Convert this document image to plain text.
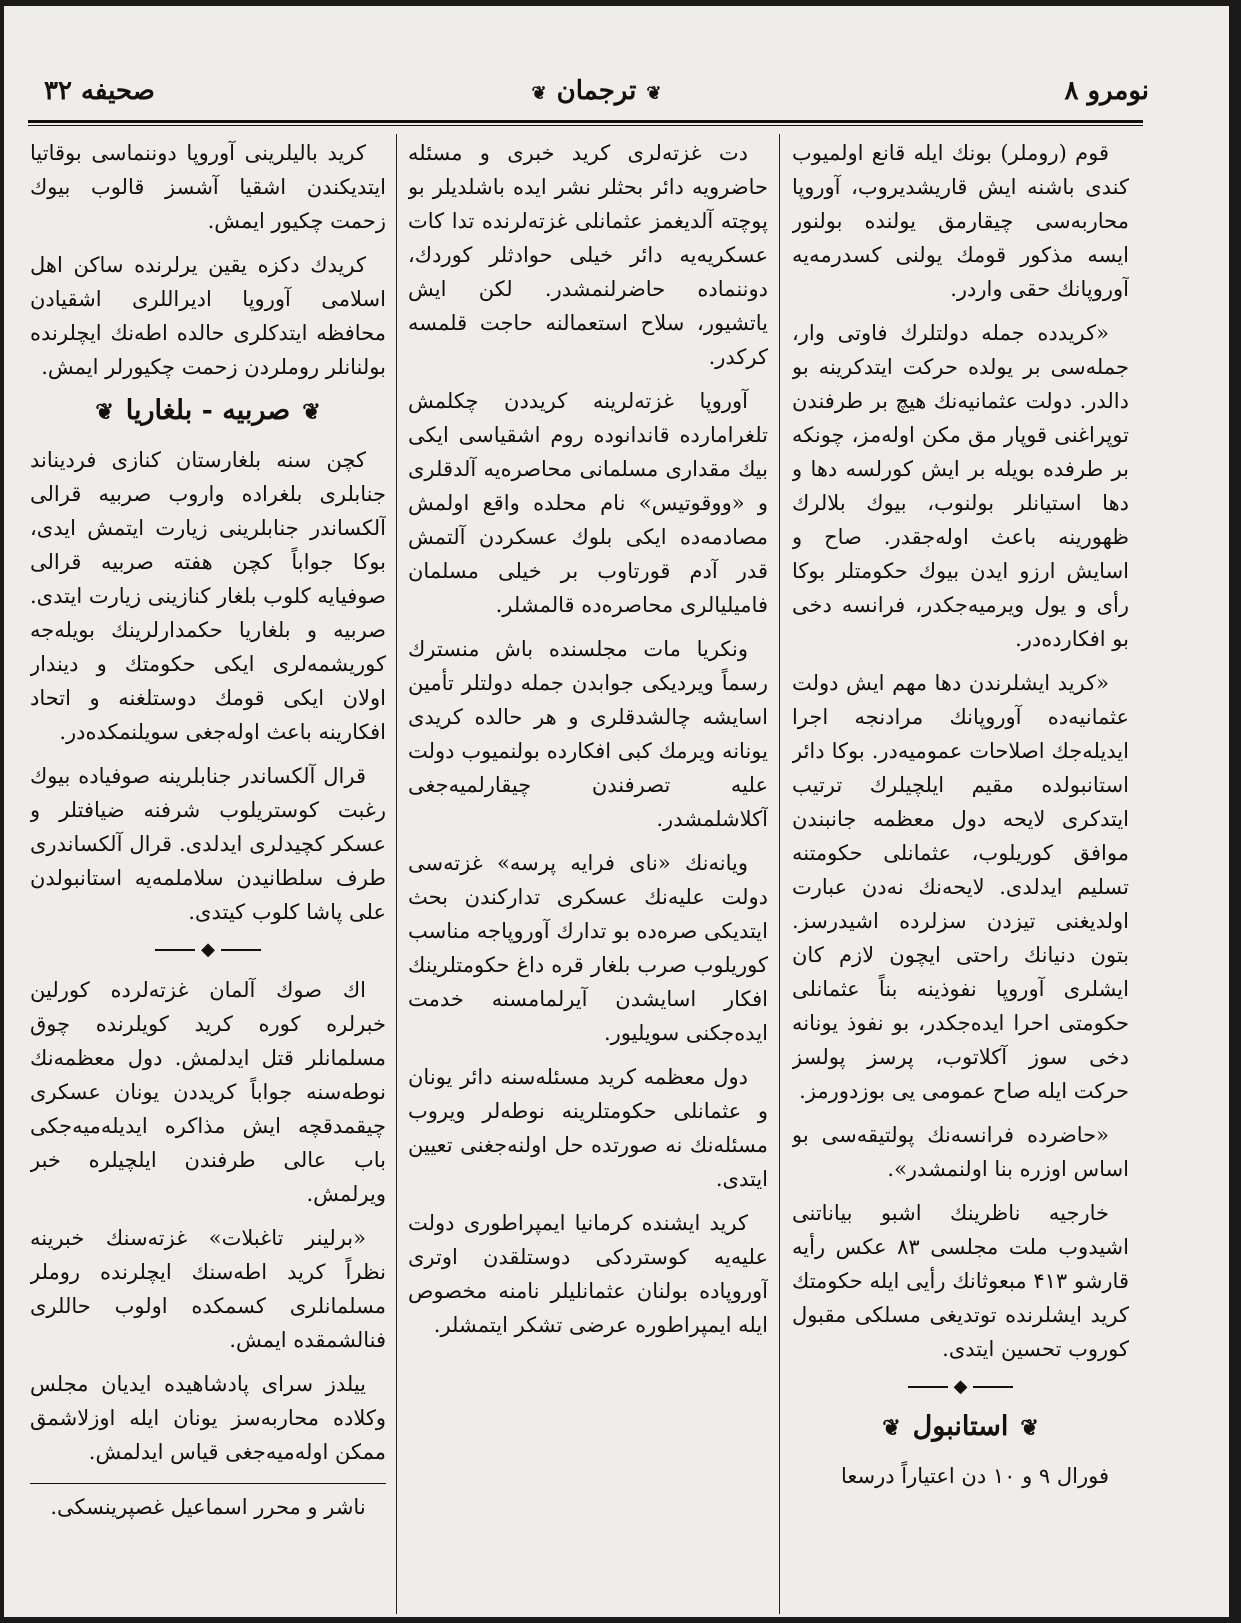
نومرو ۸
❦ترجمان❦
صحيفه ۳۲

قوم (روملر) بونك ايله قانع اولميوب كندى باشنه ايش قاريشديروب، آوروپا محاربه‌سى چيقارمق يولنده بولنور ايسه مذكور قومك يولنى كسدرمه‌يه آوروپانك حقى واردر.

«كريدده جمله دولتلرك فاوتى وار، جمله‌سى بر يولده حركت ايتدكرينه بو دالدر. دولت عثمانيه‌نك هيچ بر طرفندن توپراغنى قوپار مق مكن اوله‌مز، چونكه بر طرفده بويله بر ايش كورلسه دها و دها استيانلر بولنوب، بيوك بلالرك ظهورينه باعث اوله‌جقدر. صاح و اسايش ارزو ايدن بيوك حكومتلر بوكا رأى و يول ويرميه‌جكدر، فرانسه دخى بو افكارده‌در.

«كريد ايشلرندن دها مهم ايش دولت عثمانيه‌ده آوروپانك مرادنجه اجرا ايديله‌جك اصلاحات عموميه‌در. بوكا دائر استانبولده مقيم ايلچيلرك ترتيب ايتدكرى لايحه دول معظمه جانبندن موافق كوريلوب، عثمانلى حكومتنه تسليم ايدلدى. لايحه‌نك نه‌دن عبارت اولديغنى تيزدن سزلرده اشيدرسز. بتون دنيانك راحتى ايچون لازم كان ايشلرى آوروپا نفوذينه بناً عثمانلى حكومتى احرا ايده‌جكدر، بو نفوذ يونانه دخى سوز آكلاتوب، پرسز پولسز حركت ايله صاح عمومى يى بوزدورمز.

«حاضرده فرانسه‌نك پولتيقه‌سى بو اساس اوزره بنا اولنمشدر».

خارجيه ناظرينك اشبو بياناتنى اشيدوب ملت مجلسى ۸۳ عكس رأيه قارشو ۴۱۳ مبعوثانك رأيى ايله حكومتك كريد ايشلرنده توتديغى مسلكى مقبول كوروب تحسين ايتدى.

◆
❦استانبول❦

فورال ۹ و ۱۰ دن اعتياراً درسعا

دت غزته‌لرى كريد خبرى و مسئله حاضرويه دائر بحثلر نشر ايده باشلديلر بو پوچته آلديغمز عثمانلى غزته‌لرنده تدا كات عسكريه‌يه دائر خيلى حوادثلر كوردك، دوننماده حاضرلنمشدر. لكن ايش ياتشيور، سلاح استعمالنه حاجت قلمسه كركدر.

آوروپا غزته‌لرينه كريددن چكلمش تلغرامارده قاندانوده روم اشقياسى ايكى بيك مقدارى مسلمانى محاصره‌يه آلدقلرى و «ووقوتيس» نام محلده واقع اولمش مصادمه‌ده ايكى بلوك عسكردن آلتمش قدر آدم قورتاوب بر خيلى مسلمان فاميليالرى محاصره‌ده قالمشلر.

ونكريا مات مجلسنده باش منسترك رسماً ويرديكى جوابدن جمله دولتلر تأمين اسايشه چالشدقلرى و هر حالده كريدى يونانه ويرمك كبى افكارده بولنميوب دولت عليه تصرفندن چيقارلميه‌جغى آكلاشلمشدر.

ويانه‌نك «ناى فرايه پرسه» غزته‌سى دولت عليه‌نك عسكرى تداركندن بحث ايتديكى صره‌ده بو تدارك آوروپاجه مناسب كوريلوب صرب بلغار قره داغ حكومتلرينك افكار اسايشدن آيرلمامسنه خدمت ايده‌جكنى سويليور.

دول معظمه كريد مسئله‌سنه دائر يونان و عثمانلى حكومتلرينه نوطه‌لر ويروب مسئله‌نك نه صورتده حل اولنه‌جغنى تعيين ايتدى.

كريد ايشنده كرمانيا ايمپراطورى دولت عليه‌يه كوستردكى دوستلقدن اوترى آوروپاده بولنان عثمانليلر نامنه مخصوص ايله ايمپراطوره عرضى تشكر ايتمشلر.

كريد باليلرينى آوروپا دوننماسى بوقاتيا ايتديكندن اشقيا آشسز قالوب بيوك زحمت چكيور ايمش.

كريدك دكزه يقين يرلرنده ساكن اهل اسلامى آوروپا اديراللرى اشقيادن محافظه ايتدكلرى حالده اطه‌نك ايچلرنده بولنانلر روملردن زحمت چكيورلر ايمش.

❦صربيه - بلغاريا❦

كچن سنه بلغارستان كنازى فرديناند جنابلرى بلغراده واروب صربيه قرالى آلكساندر جنابلرينى زيارت ايتمش ايدى، بوكا جواباً كچن هفته صربيه قرالى صوفيايه كلوب بلغار كنازينى زيارت ايتدى. صربيه و بلغاريا حكمدارلرينك بويله‌جه كوريشمه‌لرى ايكى حكومتك و ديندار اولان ايكى قومك دوستلغنه و اتحاد افكارينه باعث اوله‌جغى سويلنمكده‌در.

قرال آلكساندر جنابلرينه صوفياده بيوك رغبت كوستريلوب شرفنه ضيافتلر و عسكر كچيدلرى ايدلدى. قرال آلكساندرى طرف سلطانيدن سلاملمه‌يه استانبولدن على پاشا كلوب كيتدى.

◆

اك صوك آلمان غزته‌لرده كورلين خبرلره كوره كريد كويلرنده چوق مسلمانلر قتل ايدلمش. دول معظمه‌نك نوطه‌سنه جواباً كريددن يونان عسكرى چيقمدقچه ايش مذاكره ايديله‌ميه‌جكى باب عالى طرفندن ايلچيلره خبر ويرلمش.

«برلينر تاغبلات» غزته‌سنك خبرينه نظراً كريد اطه‌سنك ايچلرنده روملر مسلمانلرى كسمكده اولوب حاللرى فنالشمقده ايمش.

ييلدز سراى پادشاهيده ايديان مجلس وكلاده محاربه‌سز يونان ايله اوزلاشمق ممكن اوله‌ميه‌جغى قياس ايدلمش.

ناشر و محرر اسماعيل غصپرينسكى.
